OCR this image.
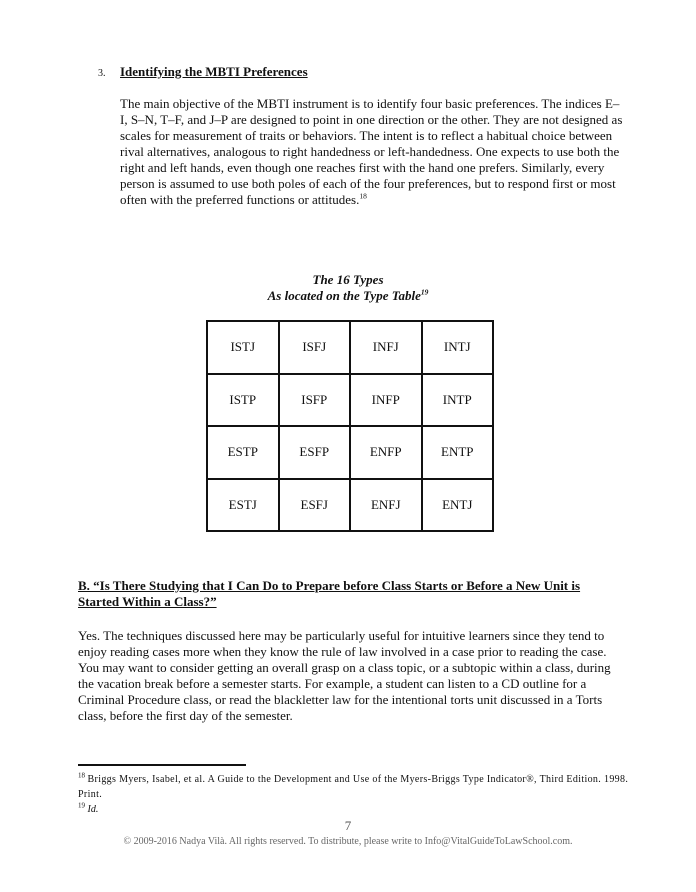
3. Identifying the MBTI Preferences

The main objective of the MBTI instrument is to identify four basic preferences. The indices E–I, S–N, T–F, and J–P are designed to point in one direction or the other. They are not designed as scales for measurement of traits or behaviors. The intent is to reflect a habitual choice between rival alternatives, analogous to right handedness or left-handedness. One expects to use both the right and left hands, even though one reaches first with the hand one prefers. Similarly, every person is assumed to use both poles of each of the four preferences, but to respond first or most often with the preferred functions or attitudes.$^{18}$

The 16 Types
As located on the Type Table$^{19}$
ISTJ	ISFJ	INFJ	INTJ
ISTP	ISFP	INFP	INTP
ESTP	ESFP	ENFP	ENTP
ESTJ	ESFJ	ENFJ	ENTJ
B. “Is There Studying that I Can Do to Prepare before Class Starts or Before a New Unit is Started Within a Class?”

Yes. The techniques discussed here may be particularly useful for intuitive learners since they tend to enjoy reading cases more when they know the rule of law involved in a case prior to reading the case. You may want to consider getting an overall grasp on a class topic, or a subtopic within a class, during the vacation break before a semester starts. For example, a student can listen to a CD outline for a Criminal Procedure class, or read the blackletter law for the intentional torts unit discussed in a Torts class, before the first day of the semester.

$^{18}$ Briggs Myers, Isabel, et al. A Guide to the Development and Use of the Myers-Briggs Type Indicator®, Third Edition. 1998. Print.
$^{19}$ Id.
7
© 2009-2016 Nadya Vilà. All rights reserved. To distribute, please write to Info@VitalGuideToLawSchool.com.
